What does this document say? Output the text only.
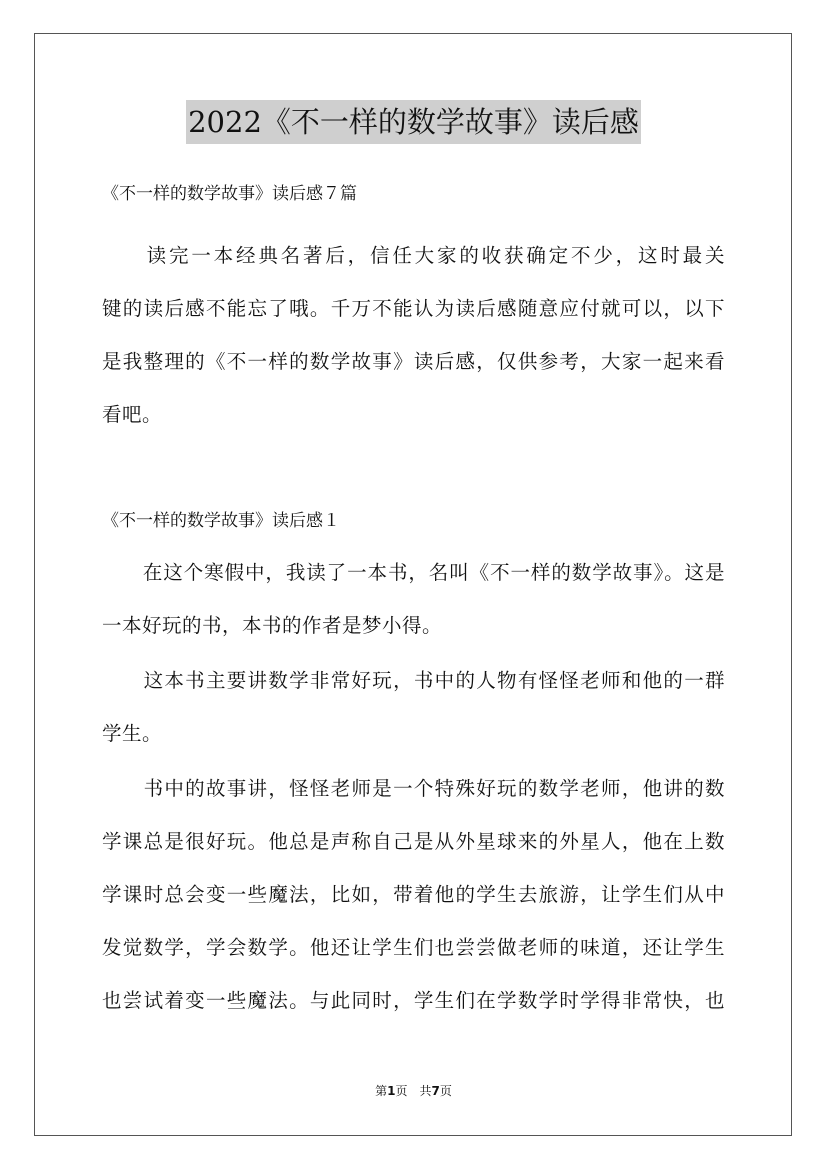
2022《不一样的数学故事》读后感
《不一样的数学故事》读后感７篇
　　读完一本经典名著后，信任大家的收获确定不少，这时最关
键的读后感不能忘了哦。千万不能认为读后感随意应付就可以，以下
是我整理的《不一样的数学故事》读后感，仅供参考，大家一起来看
看吧。
《不一样的数学故事》读后感１
　　在这个寒假中，我读了一本书，名叫《不一样的数学故事》。这是
一本好玩的书，本书的作者是梦小得。
　　这本书主要讲数学非常好玩，书中的人物有怪怪老师和他的一群
学生。
　　书中的故事讲，怪怪老师是一个特殊好玩的数学老师，他讲的数
学课总是很好玩。他总是声称自己是从外星球来的外星人，他在上数
学课时总会变一些魔法，比如，带着他的学生去旅游，让学生们从中
发觉数学，学会数学。他还让学生们也尝尝做老师的味道，还让学生
也尝试着变一些魔法。与此同时，学生们在学数学时学得非常快，也
第1页　共7页
